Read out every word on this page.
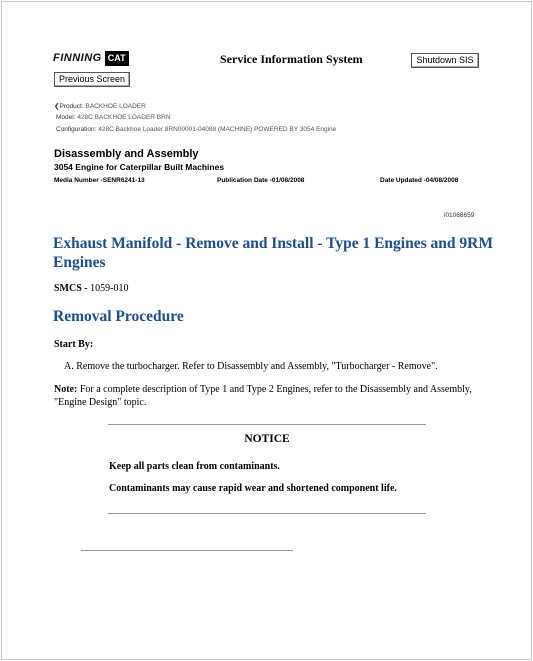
FINNING CAT	Service Information System	Shutdown SIS
Previous Screen
❮Product: BACKHOE LOADER
Model: 428C BACKHOE LOADER BRN
Configuration: 428C Backhoe Loader 8RN00001-04088 (MACHINE) POWERED BY 3054 Engine
Disassembly and Assembly
3054 Engine for Caterpillar Built Machines
Media Number -SENR6241-13	Publication Date -01/08/2008	Date Updated -04/08/2008
i01068659
Exhaust Manifold - Remove and Install - Type 1 Engines and 9RM Engines
SMCS - 1059-010
Removal Procedure
Start By:
A. Remove the turbocharger. Refer to Disassembly and Assembly, "Turbocharger - Remove".
Note: For a complete description of Type 1 and Type 2 Engines, refer to the Disassembly and Assembly, "Engine Design" topic.
NOTICE
Keep all parts clean from contaminants.
Contaminants may cause rapid wear and shortened component life.
